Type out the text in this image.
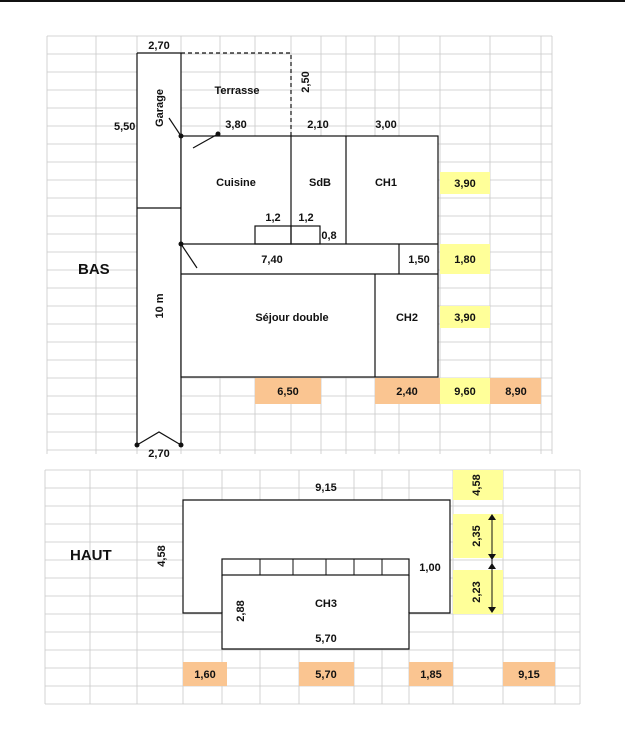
BAS
2,70
5,50
2,50
3,80	2,10	3,00
1,2 1,2
0,8
7,40	1,50
10 m
2,70
Garage	Terrasse
Cuisine	SdB	CH1
Séjour double	CH2
3,90
1,80
3,90
6,50	2,40	9,60	8,90
HAUT
9,15
4,58
1,00
2,88
5,70
CH3
4,58
2,35
2,23
1,60	5,70	1,85	9,15
